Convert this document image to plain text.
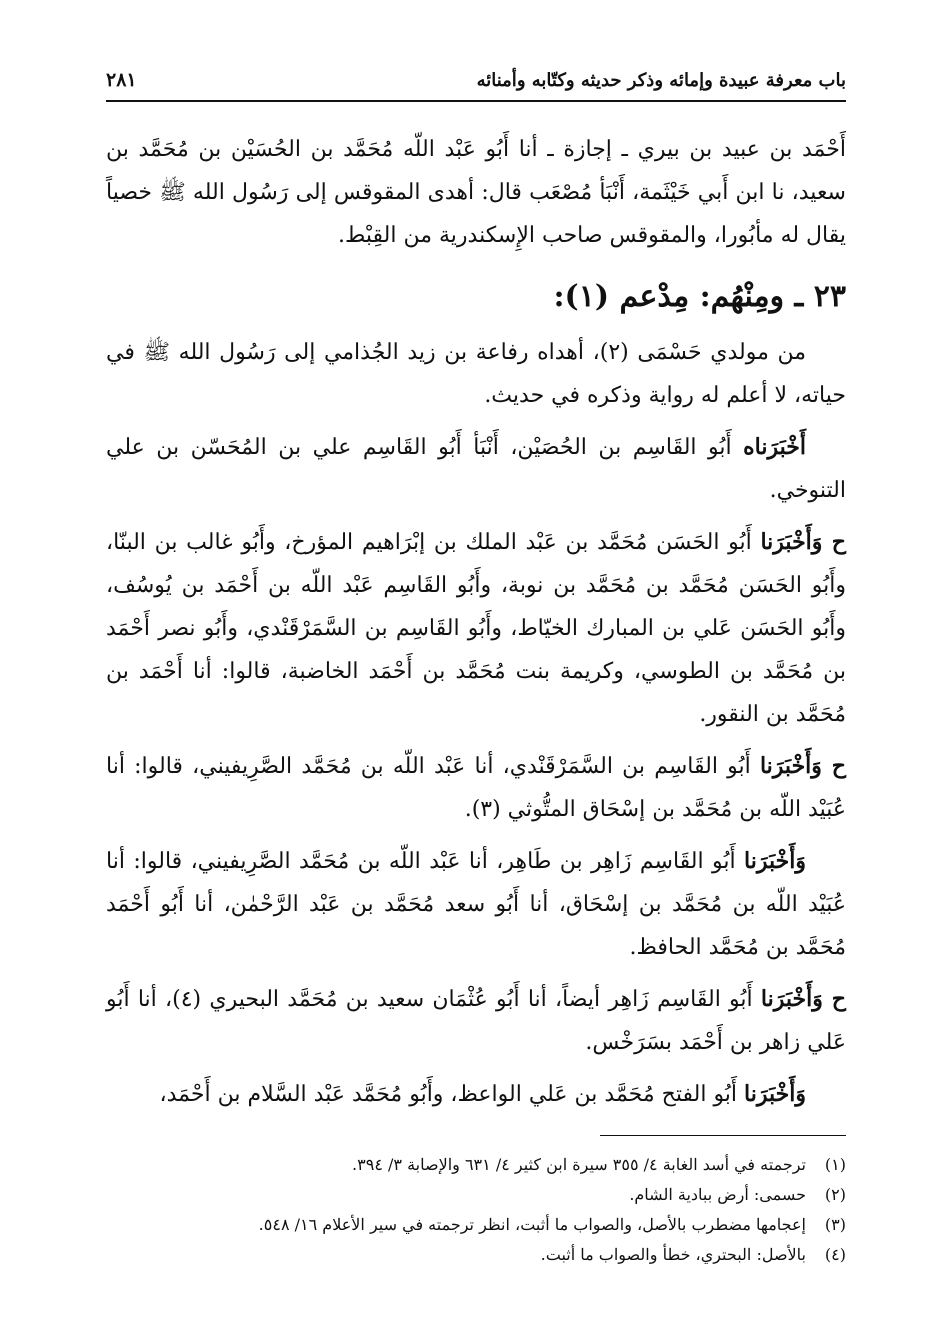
باب معرفة عبيدة وإمائه وذكر حديثه وكتّابه وأمنائه
٢٨١

أَحْمَد بن عبيد بن بيري ـ إجازة ـ أنا أَبُو عَبْد اللّه مُحَمَّد بن الحُسَيْن بن مُحَمَّد بن سعيد، نا ابن أَبي خَيْثَمة، أَنْبَأ مُصْعَب قال: أهدى المقوقس إلى رَسُول الله ﷺ خصياً يقال له مأبُورا، والمقوقس صاحب الإِسكندرية من القِبْط.

٢٣ ـ ومِنْهُم: مِدْعم (١):

من مولدي حَسْمَى (٢)، أهداه رفاعة بن زيد الجُذامي إلى رَسُول الله ﷺ في حياته، لا أعلم له رواية وذكره في حديث.

أَخْبَرَناه أَبُو القَاسِم بن الحُصَيْن، أَنْبَأ أَبُو القَاسِم علي بن المُحَسّن بن علي التنوخي.

ح وَأَخْبَرَنا أَبُو الحَسَن مُحَمَّد بن عَبْد الملك بن إبْرَاهيم المؤرخ، وأَبُو غالب بن البنّا، وأَبُو الحَسَن مُحَمَّد بن مُحَمَّد بن نوبة، وأَبُو القَاسِم عَبْد اللّه بن أَحْمَد بن يُوسُف، وأَبُو الحَسَن عَلي بن المبارك الخيّاط، وأَبُو القَاسِم بن السَّمَرْقَنْدي، وأَبُو نصر أَحْمَد بن مُحَمَّد بن الطوسي، وكريمة بنت مُحَمَّد بن أَحْمَد الخاضبة، قالوا: أنا أَحْمَد بن مُحَمَّد بن النقور.

ح وَأَخْبَرَنا أَبُو القَاسِم بن السَّمَرْقَنْدي، أنا عَبْد اللّه بن مُحَمَّد الصَّرِيفيني، قالوا: أنا عُبَيْد اللّه بن مُحَمَّد بن إسْحَاق المتُّوثي (٣).

وَأَخْبَرَنا أَبُو القَاسِم زَاهِر بن طَاهِر، أنا عَبْد اللّه بن مُحَمَّد الصَّرِيفيني، قالوا: أنا عُبَيْد اللّه بن مُحَمَّد بن إسْحَاق، أنا أَبُو سعد مُحَمَّد بن عَبْد الرَّحْمٰن، أنا أَبُو أَحْمَد مُحَمَّد بن مُحَمَّد الحافظ.

ح وَأَخْبَرَنا أَبُو القَاسِم زَاهِر أيضاً، أنا أَبُو عُثْمَان سعيد بن مُحَمَّد البحيري (٤)، أنا أَبُو عَلي زاهر بن أَحْمَد بسَرَخْس.

وَأَخْبَرَنا أَبُو الفتح مُحَمَّد بن عَلي الواعظ، وأَبُو مُحَمَّد عَبْد السَّلام بن أَحْمَد،

(١)
ترجمته في أسد الغابة ٤/ ٣٥٥ سيرة ابن كثير ٤/ ٦٣١ والإصابة ٣/ ٣٩٤.
(٢)
حسمى: أرض ببادية الشام.
(٣)
إعجامها مضطرب بالأصل، والصواب ما أثبت، انظر ترجمته في سير الأعلام ١٦/ ٥٤٨.
(٤)
بالأصل: البحتري، خطأ والصواب ما أثبت.
